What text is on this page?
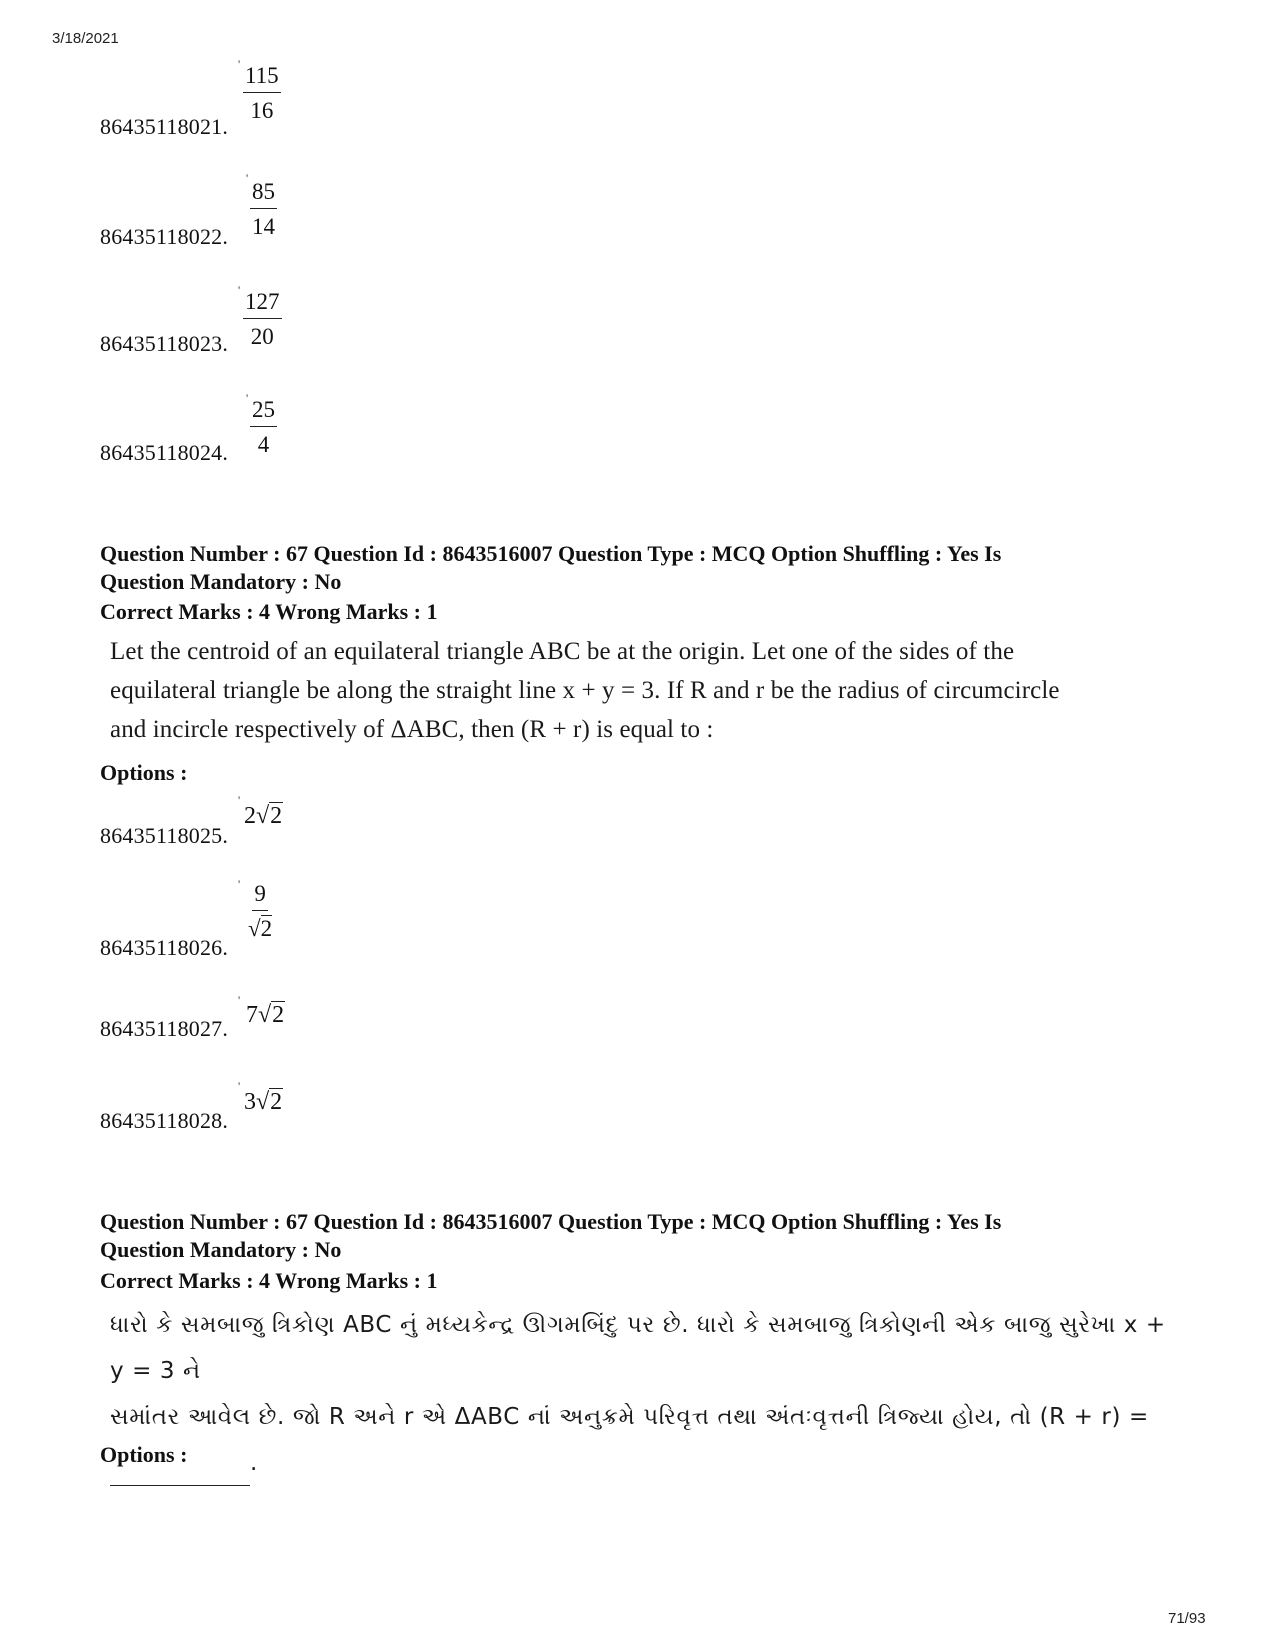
3/18/2021
' $\frac{115}{16}$
86435118021.
'
$\frac{85}{14}$
86435118022.
' $\frac{127}{20}$
86435118023.
' $\frac{25}{4}$
86435118024.
Question Number : 67 Question Id : 8643516007 Question Type : MCQ Option Shuffling : Yes Is
Question Mandatory : No
Correct Marks : 4 Wrong Marks : 1
Let the centroid of an equilateral triangle ABC be at the origin. Let one of the sides of the
equilateral triangle be along the straight line x + y = 3. If R and r be the radius of circumcircle
and incircle respectively of ΔABC, then (R + r) is equal to :
Options :
'
2√2
86435118025.
' $\frac{9}{√2}$
86435118026.
'
7√2
86435118027.
'
3√2
86435118028.
Question Number : 67 Question Id : 8643516007 Question Type : MCQ Option Shuffling : Yes Is
Question Mandatory : No
Correct Marks : 4 Wrong Marks : 1
ધારો કે સમબાજુ ત્રિકોણ ABC નું મધ્યકેન્દ્ર ઊગમબિંદુ પર છે. ધારો કે સમબાજુ ત્રિકોણની એક બાજુ સુરેખા x + y = 3 ને
સમાંતર આવેલ છે. જો R અને r એ ΔABC નાં અનુક્રમે પરિવૃત્ત તથા અંતઃવૃત્તની ત્રિજ્યા હોય, તો (R + r) =
.
Options :
71/93
